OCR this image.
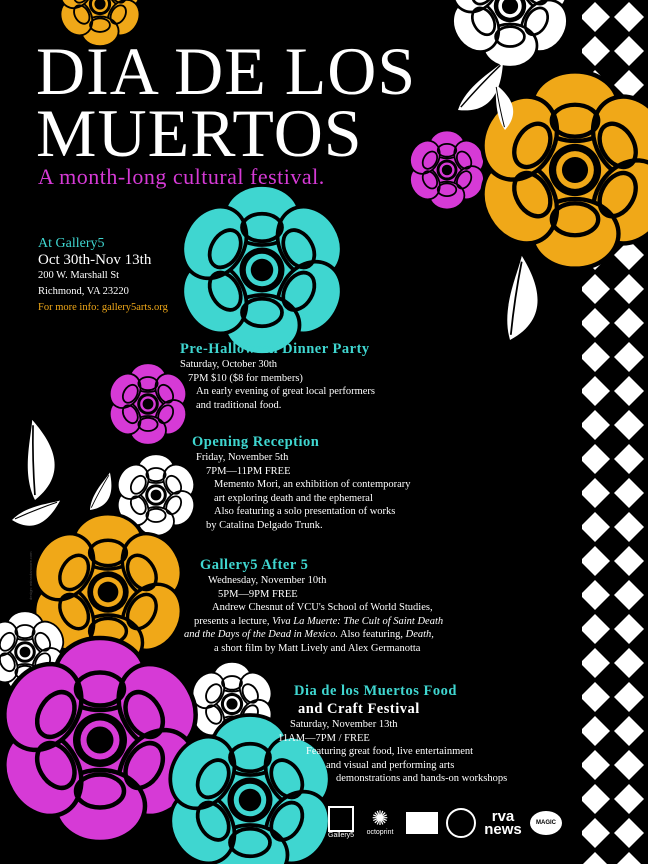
DIA DE LOS
MUERTOS
A month-long cultural festival.
At Gallery5
Oct 30th-Nov 13th
200 W. Marshall St
Richmond, VA 23220
For more info: gallery5arts.org
Pre-Halloween Dinner Party
Saturday, October 30th
7PM $10 ($8 for members)
An early evening of great local performers
and traditional food.
Opening Reception
Friday, November 5th
7PM—11PM FREE
Memento Mori, an exhibition of contemporary
art exploring death and the ephemeral
Also featuring a solo presentation of works
by Catalina Delgado Trunk.
Gallery5 After 5
Wednesday, November 10th
5PM—9PM FREE
Andrew Chesnut of VCU's School of World Studies,
presents a lecture, Viva La Muerte: The Cult of Saint Death
and the Days of the Dead in Mexico. Also featuring, Death,
a short film by Matt Lively and Alex Germanotta
Dia de los Muertos Food
and Craft Festival
Saturday, November 13th
11AM—7PM / FREE
Featuring great food, live entertainment
and visual and performing arts
demonstrations and hands-on workshops
Gallery5
✺
octoprint
rva news	MAGIC HAT
design: mirandamoore.com
